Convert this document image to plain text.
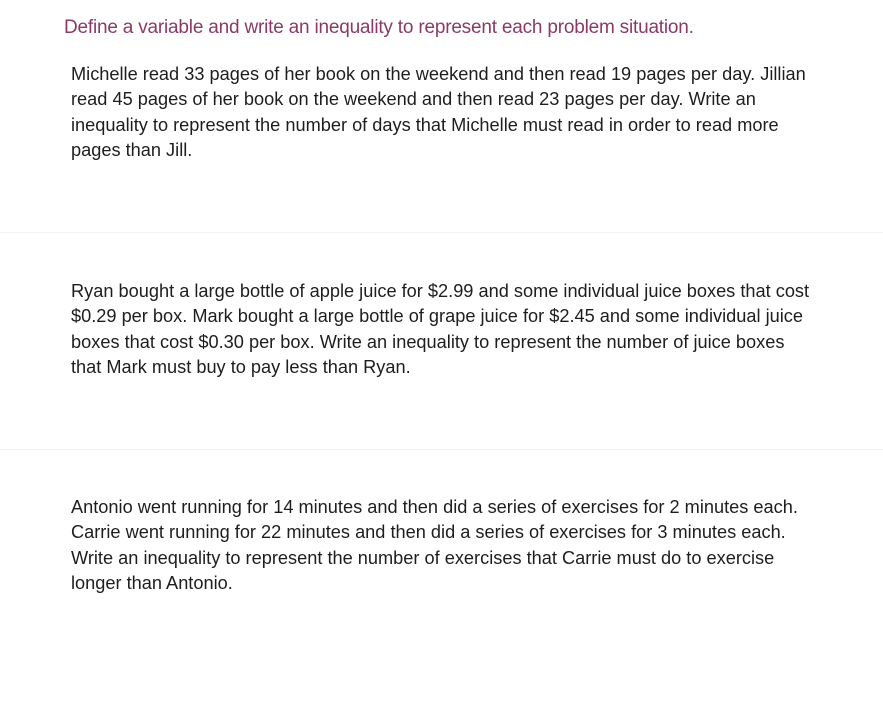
Define a variable and write an inequality to represent each problem situation.

Michelle read 33 pages of her book on the weekend and then read 19 pages per day. Jillian
read 45 pages of her book on the weekend and then read 23 pages per day. Write an
inequality to represent the number of days that Michelle must read in order to read more
pages than Jill.

Ryan bought a large bottle of apple juice for $2.99 and some individual juice boxes that cost
$0.29 per box. Mark bought a large bottle of grape juice for $2.45 and some individual juice
boxes that cost $0.30 per box. Write an inequality to represent the number of juice boxes
that Mark must buy to pay less than Ryan.

Antonio went running for 14 minutes and then did a series of exercises for 2 minutes each.
Carrie went running for 22 minutes and then did a series of exercises for 3 minutes each.
Write an inequality to represent the number of exercises that Carrie must do to exercise
longer than Antonio.
